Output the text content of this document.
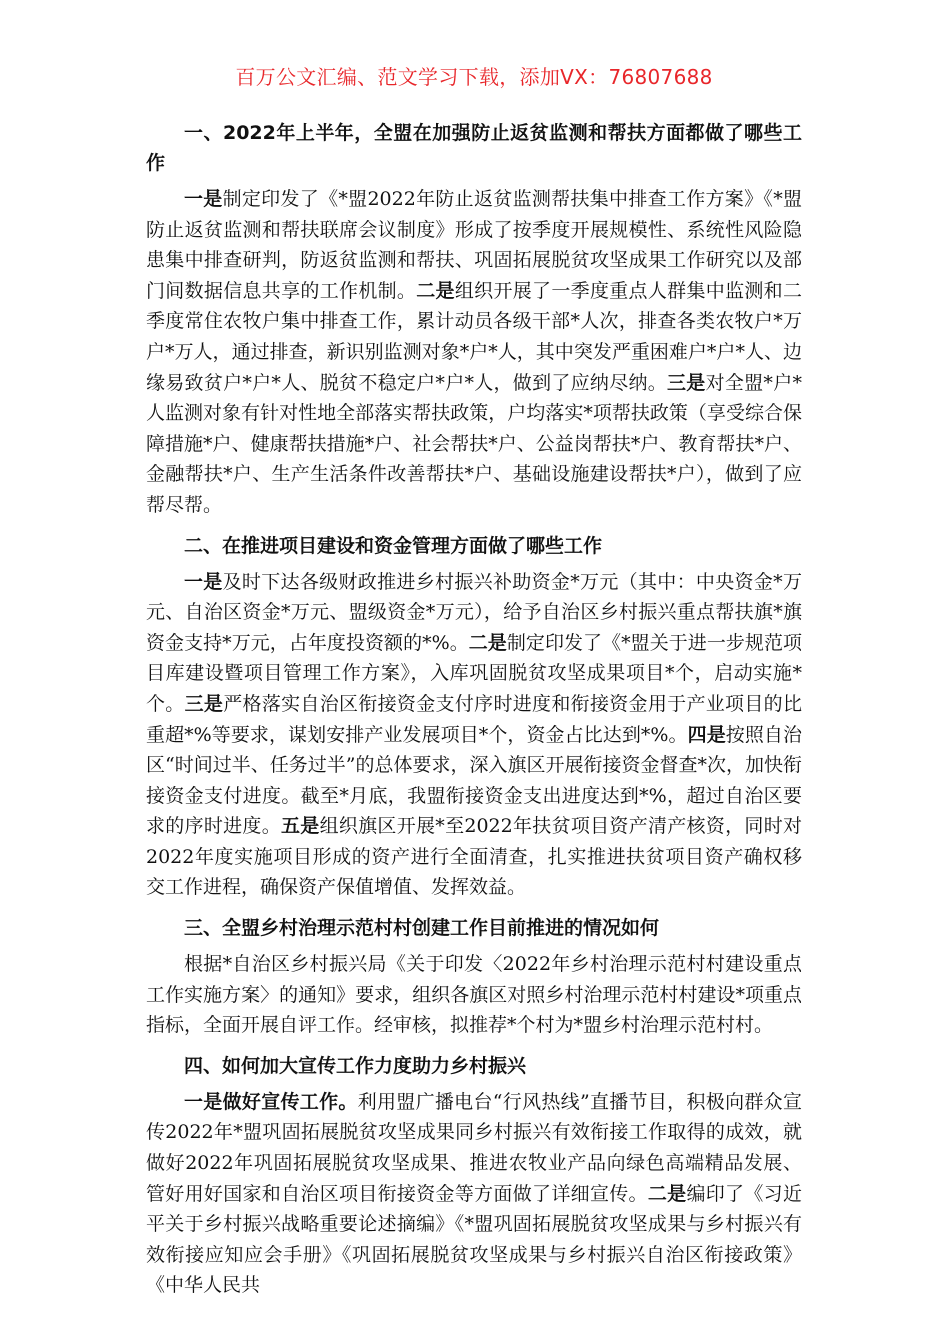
百万公文汇编、范文学习下载，添加VX：76807688
一、2022年上半年，全盟在加强防止返贫监测和帮扶方面都做了哪些工作
一是制定印发了《*盟2022年防止返贫监测帮扶集中排查工作方案》《*盟防止返贫监测和帮扶联席会议制度》形成了按季度开展规模性、系统性风险隐患集中排查研判，防返贫监测和帮扶、巩固拓展脱贫攻坚成果工作研究以及部门间数据信息共享的工作机制。二是组织开展了一季度重点人群集中监测和二季度常住农牧户集中排查工作，累计动员各级干部*人次，排查各类农牧户*万户*万人，通过排查，新识别监测对象*户*人，其中突发严重困难户*户*人、边缘易致贫户*户*人、脱贫不稳定户*户*人，做到了应纳尽纳。三是对全盟*户*人监测对象有针对性地全部落实帮扶政策，户均落实*项帮扶政策（享受综合保障措施*户、健康帮扶措施*户、社会帮扶*户、公益岗帮扶*户、教育帮扶*户、金融帮扶*户、生产生活条件改善帮扶*户、基础设施建设帮扶*户），做到了应帮尽帮。
二、在推进项目建设和资金管理方面做了哪些工作
一是及时下达各级财政推进乡村振兴补助资金*万元（其中：中央资金*万元、自治区资金*万元、盟级资金*万元），给予自治区乡村振兴重点帮扶旗*旗资金支持*万元，占年度投资额的*%。二是制定印发了《*盟关于进一步规范项目库建设暨项目管理工作方案》，入库巩固脱贫攻坚成果项目*个，启动实施*个。三是严格落实自治区衔接资金支付序时进度和衔接资金用于产业项目的比重超*%等要求，谋划安排产业发展项目*个，资金占比达到*%。四是按照自治区“时间过半、任务过半”的总体要求，深入旗区开展衔接资金督查*次，加快衔接资金支付进度。截至*月底，我盟衔接资金支出进度达到*%，超过自治区要求的序时进度。五是组织旗区开展*至2022年扶贫项目资产清产核资，同时对2022年度实施项目形成的资产进行全面清查，扎实推进扶贫项目资产确权移交工作进程，确保资产保值增值、发挥效益。
三、全盟乡村治理示范村村创建工作目前推进的情况如何
根据*自治区乡村振兴局《关于印发〈2022年乡村治理示范村村建设重点工作实施方案〉的通知》要求，组织各旗区对照乡村治理示范村村建设*项重点指标，全面开展自评工作。经审核，拟推荐*个村为*盟乡村治理示范村村。
四、如何加大宣传工作力度助力乡村振兴
一是做好宣传工作。利用盟广播电台“行风热线”直播节目，积极向群众宣传2022年*盟巩固拓展脱贫攻坚成果同乡村振兴有效衔接工作取得的成效，就做好2022年巩固拓展脱贫攻坚成果、推进农牧业产品向绿色高端精品发展、管好用好国家和自治区项目衔接资金等方面做了详细宣传。二是编印了《习近平关于乡村振兴战略重要论述摘编》《*盟巩固拓展脱贫攻坚成果与乡村振兴有效衔接应知应会手册》《巩固拓展脱贫攻坚成果与乡村振兴自治区衔接政策》《中华人民共
